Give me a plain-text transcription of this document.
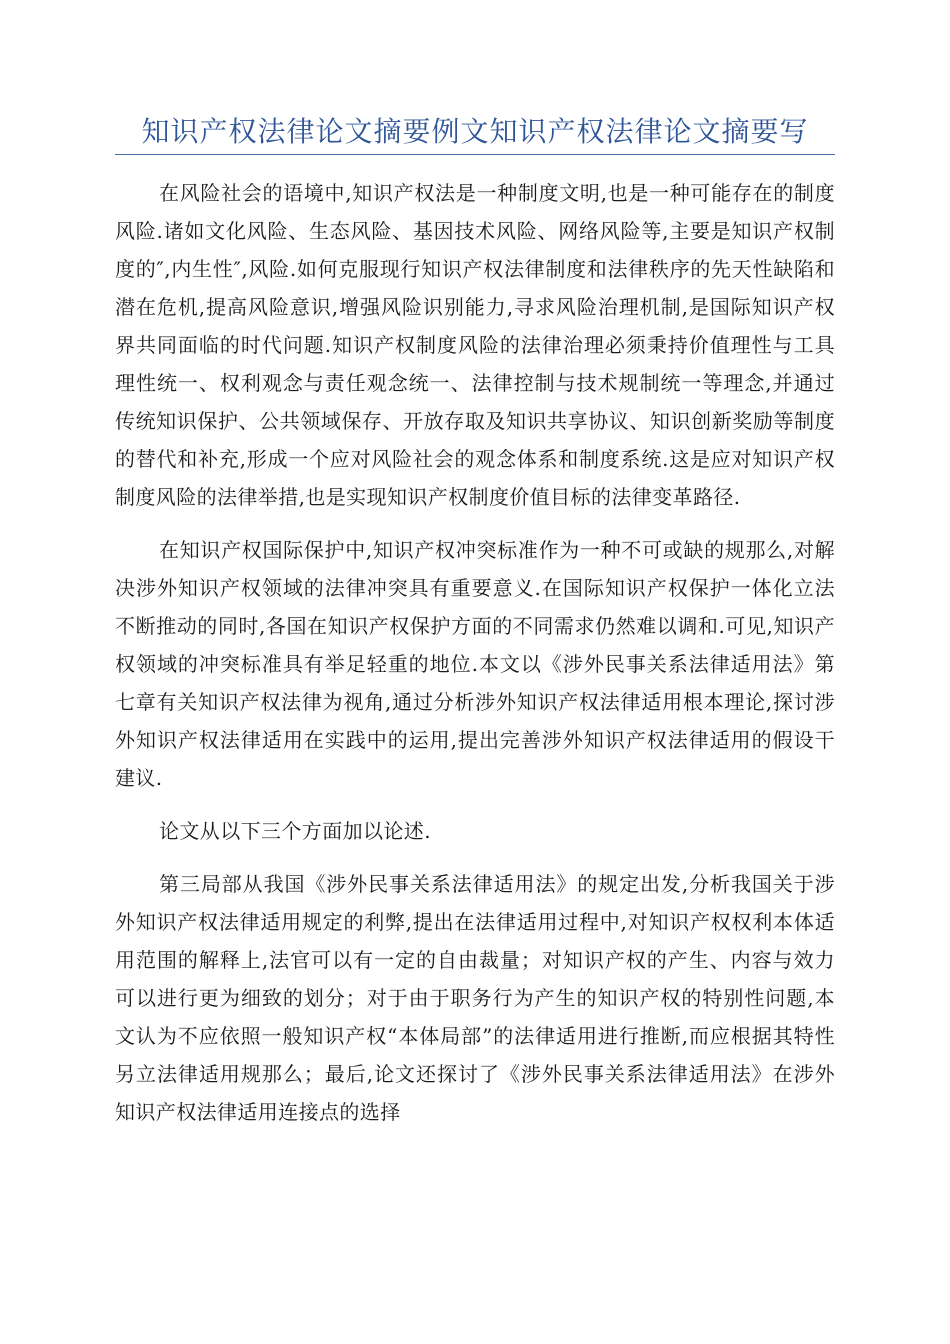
知识产权法律论文摘要例文知识产权法律论文摘要写

在风险社会的语境中,知识产权法是一种制度文明,也是一种可能存在的制度风险.诸如文化风险、生态风险、基因技术风险、网络风险等,主要是知识产权制度的″,内生性″,风险.如何克服现行知识产权法律制度和法律秩序的先天性缺陷和潜在危机,提高风险意识,增强风险识别能力,寻求风险治理机制,是国际知识产权界共同面临的时代问题.知识产权制度风险的法律治理必须秉持价值理性与工具理性统一、权利观念与责任观念统一、法律控制与技术规制统一等理念,并通过传统知识保护、公共领域保存、开放存取及知识共享协议、知识创新奖励等制度的替代和补充,形成一个应对风险社会的观念体系和制度系统.这是应对知识产权制度风险的法律举措,也是实现知识产权制度价值目标的法律变革路径.

在知识产权国际保护中,知识产权冲突标准作为一种不可或缺的规那么,对解决涉外知识产权领域的法律冲突具有重要意义.在国际知识产权保护一体化立法不断推动的同时,各国在知识产权保护方面的不同需求仍然难以调和.可见,知识产权领域的冲突标准具有举足轻重的地位.本文以《涉外民事关系法律适用法》第七章有关知识产权法律为视角,通过分析涉外知识产权法律适用根本理论,探讨涉外知识产权法律适用在实践中的运用,提出完善涉外知识产权法律适用的假设干建议.

论文从以下三个方面加以论述.

第三局部从我国《涉外民事关系法律适用法》的规定出发,分析我国关于涉外知识产权法律适用规定的利弊,提出在法律适用过程中,对知识产权权利本体适用范围的解释上,法官可以有一定的自由裁量；对知识产权的产生、内容与效力可以进行更为细致的划分；对于由于职务行为产生的知识产权的特别性问题,本文认为不应依照一般知识产权“本体局部”的法律适用进行推断,而应根据其特性另立法律适用规那么；最后,论文还探讨了《涉外民事关系法律适用法》在涉外知识产权法律适用连接点的选择
